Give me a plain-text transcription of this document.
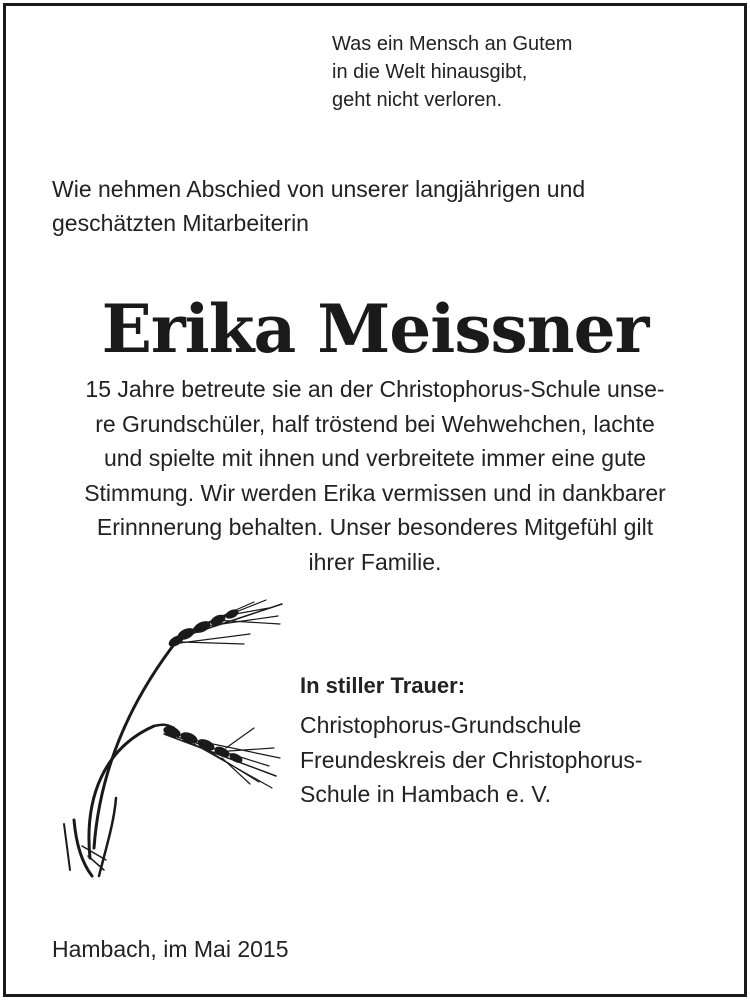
Was ein Mensch an Gutem
in die Welt hinausgibt,
geht nicht verloren.
Wie nehmen Abschied von unserer langjährigen und
geschätzten Mitarbeiterin
Erika Meissner
15 Jahre betreute sie an der Christophorus-Schule unse-
re Grundschüler, half tröstend bei Wehwehchen, lachte
und spielte mit ihnen und verbreitete immer eine gute
Stimmung. Wir werden Erika vermissen und in dankbarer
Erinnnerung behalten. Unser besonderes Mitgefühl gilt
ihrer Familie.
In stiller Trauer:
Christophorus-Grundschule
Freundeskreis der Christophorus-
Schule in Hambach e. V.
Hambach, im Mai 2015
